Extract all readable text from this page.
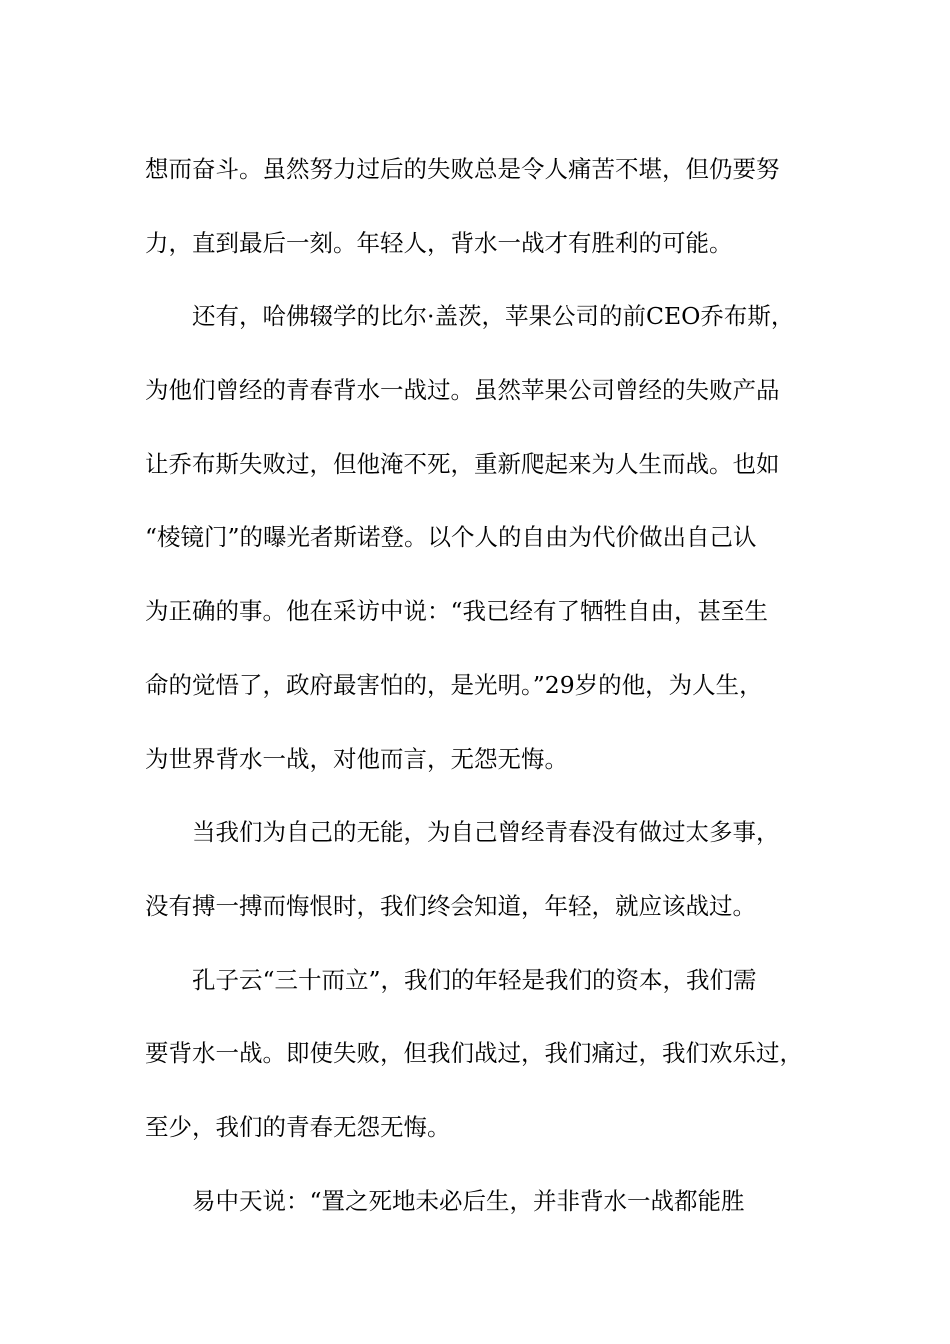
想而奋斗。虽然努力过后的失败总是令人痛苦不堪，但仍要努
力，直到最后一刻。年轻人，背水一战才有胜利的可能。
还有，哈佛辍学的比尔·盖茨，苹果公司的前CEO乔布斯，
为他们曾经的青春背水一战过。虽然苹果公司曾经的失败产品
让乔布斯失败过，但他淹不死，重新爬起来为人生而战。也如
“棱镜门”的曝光者斯诺登。以个人的自由为代价做出自己认
为正确的事。他在采访中说：“我已经有了牺牲自由，甚至生
命的觉悟了，政府最害怕的，是光明。”29岁的他，为人生，
为世界背水一战，对他而言，无怨无悔。
当我们为自己的无能，为自己曾经青春没有做过太多事，
没有搏一搏而悔恨时，我们终会知道，年轻，就应该战过。
孔子云“三十而立”，我们的年轻是我们的资本，我们需
要背水一战。即使失败，但我们战过，我们痛过，我们欢乐过，
至少，我们的青春无怨无悔。
易中天说：“置之死地未必后生，并非背水一战都能胜
